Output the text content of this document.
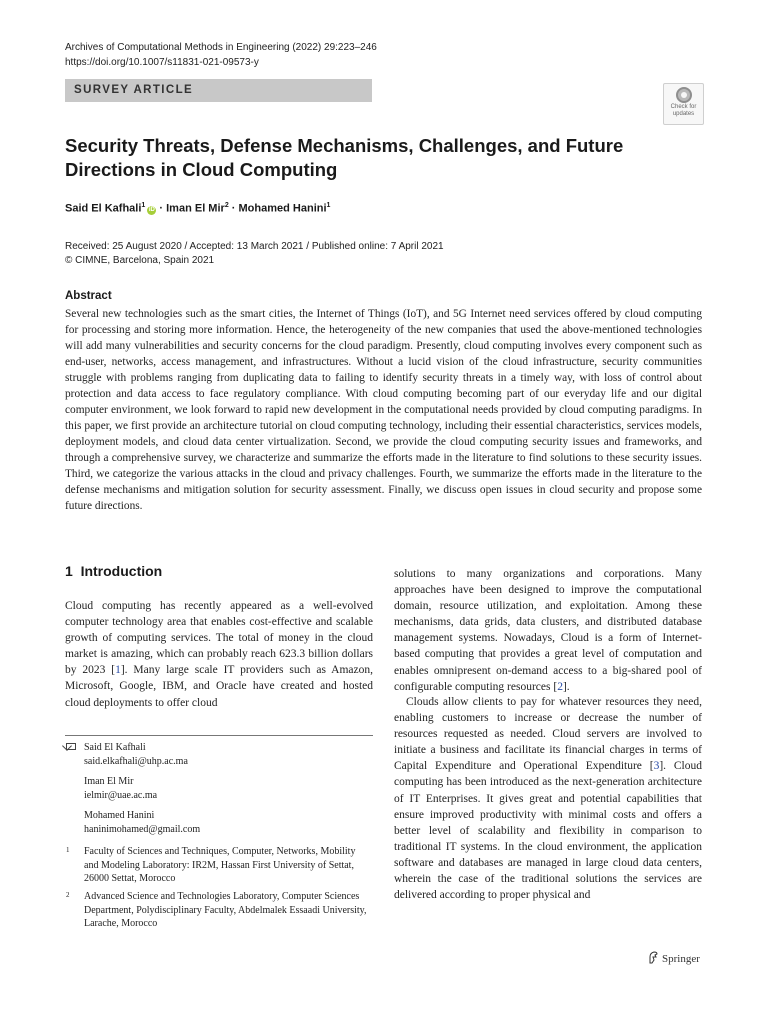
Archives of Computational Methods in Engineering (2022) 29:223–246
https://doi.org/10.1007/s11831-021-09573-y
SURVEY ARTICLE
Check for
updates
Security Threats, Defense Mechanisms, Challenges, and Future
Directions in Cloud Computing
Said El Kafhali$^1$iD · Iman El Mir$^2$ · Mohamed Hanini$^1$
Received: 25 August 2020 / Accepted: 13 March 2021 / Published online: 7 April 2021
© CIMNE, Barcelona, Spain 2021
Abstract
Several new technologies such as the smart cities, the Internet of Things (IoT), and 5G Internet need services offered by cloud computing for processing and storing more information. Hence, the heterogeneity of the new companies that used the above-mentioned technologies will add many vulnerabilities and security concerns for the cloud paradigm. Presently, cloud computing involves every component such as end-user, networks, access management, and infrastructures. Without a lucid vision of the cloud infrastructure, security communities struggle with problems ranging from duplicating data to failing to identify security threats in a timely way, with loss of control about protection and data access to face regulatory compliance. With cloud computing becoming part of our everyday life and our digital computer environment, we look forward to rapid new development in the computational needs provided by cloud computing paradigms. In this paper, we first provide an architecture tutorial on cloud computing technology, including their essential characteristics, services models, deployment models, and cloud data center virtualization. Second, we provide the cloud computing security issues and frameworks, and through a comprehensive survey, we characterize and summarize the efforts made in the literature to find solutions to these security issues. Third, we categorize the various attacks in the cloud and privacy challenges. Fourth, we summarize the efforts made in the literature to the defense mechanisms and mitigation solution for security assessment. Finally, we discuss open issues in cloud security and propose some future directions.
1 Introduction
Cloud computing has recently appeared as a well-evolved computer technology area that enables cost-effective and scalable growth of computing services. The total of money in the cloud market is amazing, which can probably reach 623.3 billion dollars by 2023 [1]. Many large scale IT providers such as Amazon, Microsoft, Google, IBM, and Oracle have created and hosted cloud deployments to offer cloud
Said El Kafhali
said.elkafhali@uhp.ac.ma
Iman El Mir
ielmir@uae.ac.ma
Mohamed Hanini
haninimohamed@gmail.com
1 Faculty of Sciences and Techniques, Computer, Networks, Mobility and Modeling Laboratory: IR2M, Hassan First University of Settat, 26000 Settat, Morocco
2 Advanced Science and Technologies Laboratory, Computer Sciences Department, Polydisciplinary Faculty, Abdelmalek Essaadi University, Larache, Morocco
solutions to many organizations and corporations. Many approaches have been designed to improve the computational domain, resource utilization, and exploitation. Among these mechanisms, data grids, data clusters, and distributed database management systems. Nowadays, Cloud is a form of Internet-based computing that provides a great level of computation and enables omnipresent on-demand access to a big-shared pool of configurable computing resources [2].
Clouds allow clients to pay for whatever resources they need, enabling customers to increase or decrease the number of resources requested as needed. Cloud servers are involved to initiate a business and facilitate its financial charges in terms of Capital Expenditure and Operational Expenditure [3]. Cloud computing has been introduced as the next-generation architecture of IT Enterprises. It gives great and potential capabilities that ensure improved productivity with minimal costs and offers a better level of scalability and flexibility in comparison to traditional IT systems. In the cloud environment, the application software and databases are managed in large cloud data centers, wherein the case of the traditional solutions the services are delivered according to proper physical and
Springer
